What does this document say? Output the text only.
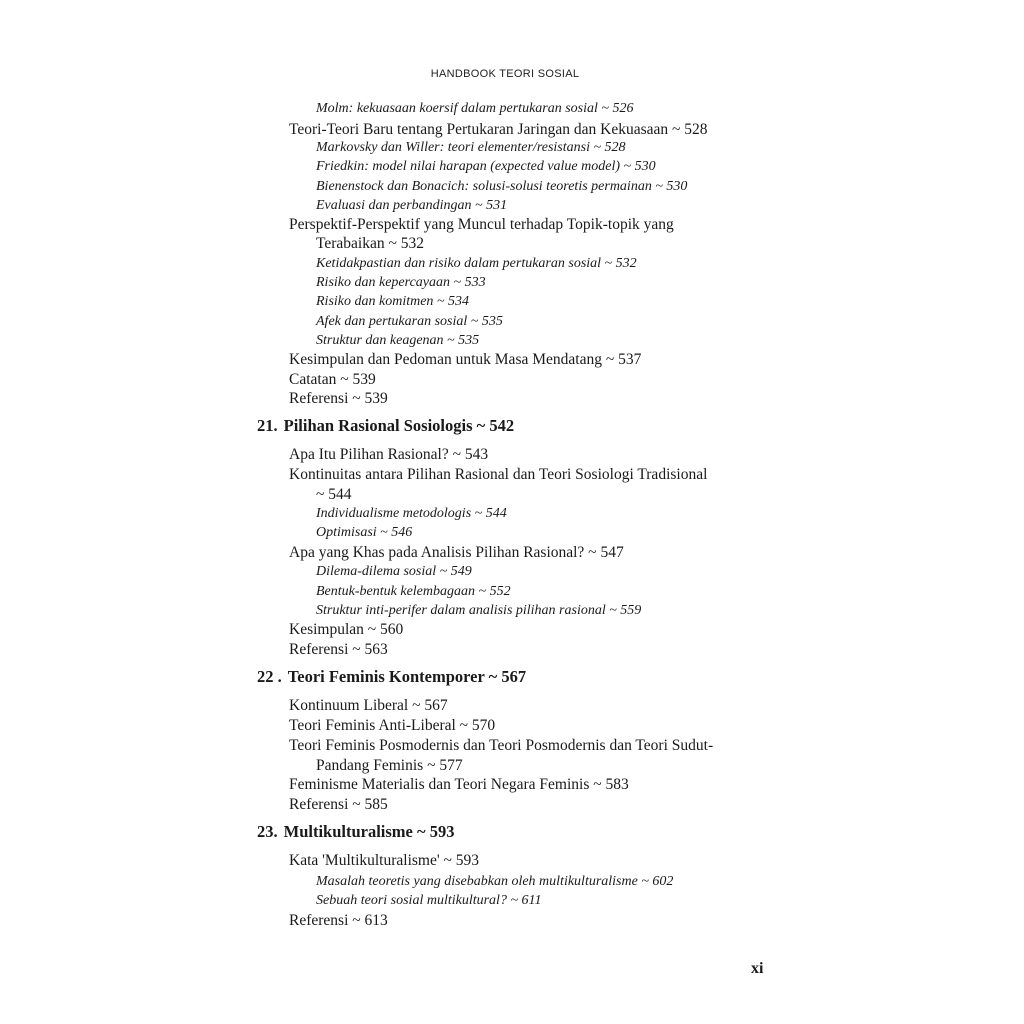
HANDBOOK TEORI SOSIAL
Molm: kekuasaan koersif dalam pertukaran sosial ~ 526
Teori-Teori Baru tentang Pertukaran Jaringan dan Kekuasaan ~ 528
Markovsky dan Willer: teori elementer/resistansi ~ 528
Friedkin: model nilai harapan (expected value model) ~ 530
Bienenstock dan Bonacich: solusi-solusi teoretis permainan ~ 530
Evaluasi dan perbandingan ~ 531
Perspektif-Perspektif yang Muncul terhadap Topik-topik yang
Terabaikan ~ 532
Ketidakpastian dan risiko dalam pertukaran sosial ~ 532
Risiko dan kepercayaan ~ 533
Risiko dan komitmen ~ 534
Afek dan pertukaran sosial ~ 535
Struktur dan keagenan ~ 535
Kesimpulan dan Pedoman untuk Masa Mendatang ~ 537
Catatan ~ 539
Referensi ~ 539
21. Pilihan Rasional Sosiologis ~ 542
Apa Itu Pilihan Rasional? ~ 543
Kontinuitas antara Pilihan Rasional dan Teori Sosiologi Tradisional
~ 544
Individualisme metodologis ~ 544
Optimisasi ~ 546
Apa yang Khas pada Analisis Pilihan Rasional? ~ 547
Dilema-dilema sosial ~ 549
Bentuk-bentuk kelembagaan ~ 552
Struktur inti-perifer dalam analisis pilihan rasional ~ 559
Kesimpulan ~ 560
Referensi ~ 563
22 . Teori Feminis Kontemporer ~ 567
Kontinuum Liberal ~ 567
Teori Feminis Anti-Liberal ~ 570
Teori Feminis Posmodernis dan Teori Posmodernis dan Teori Sudut-
Pandang Feminis ~ 577
Feminisme Materialis dan Teori Negara Feminis ~ 583
Referensi ~ 585
23. Multikulturalisme ~ 593
Kata 'Multikulturalisme' ~ 593
Masalah teoretis yang disebabkan oleh multikulturalisme ~ 602
Sebuah teori sosial multikultural? ~ 611
Referensi ~ 613
xi
